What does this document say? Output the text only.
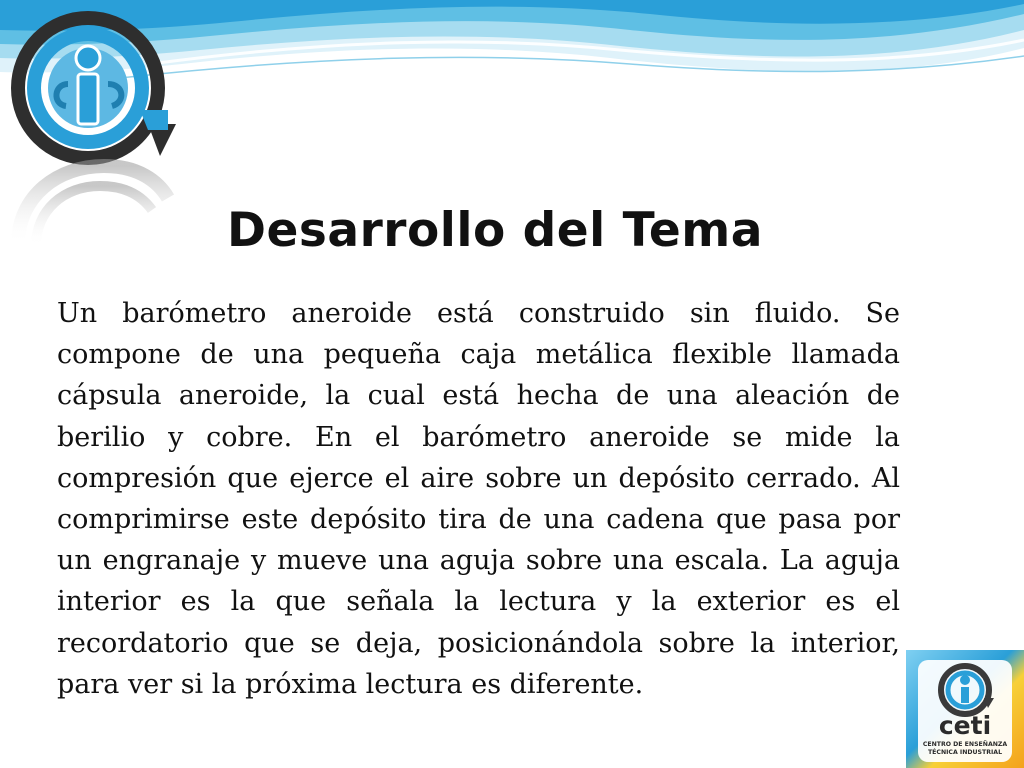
Desarrollo del Tema

Un barómetro aneroide está construido sin fluido. Se compone de una pequeña caja metálica flexible llamada cápsula aneroide, la cual está hecha de una aleación de berilio y cobre. En el barómetro aneroide se mide la compresión que ejerce el aire sobre un depósito cerrado. Al comprimirse este depósito tira de una cadena que pasa por un engranaje y mueve una aguja sobre una escala. La aguja interior es la que señala la lectura y la exterior es el recordatorio que se deja, posicionándola sobre la interior, para ver si la próxima lectura es diferente.

ceti
CENTRO DE ENSEÑANZA
TÉCNICA INDUSTRIAL
